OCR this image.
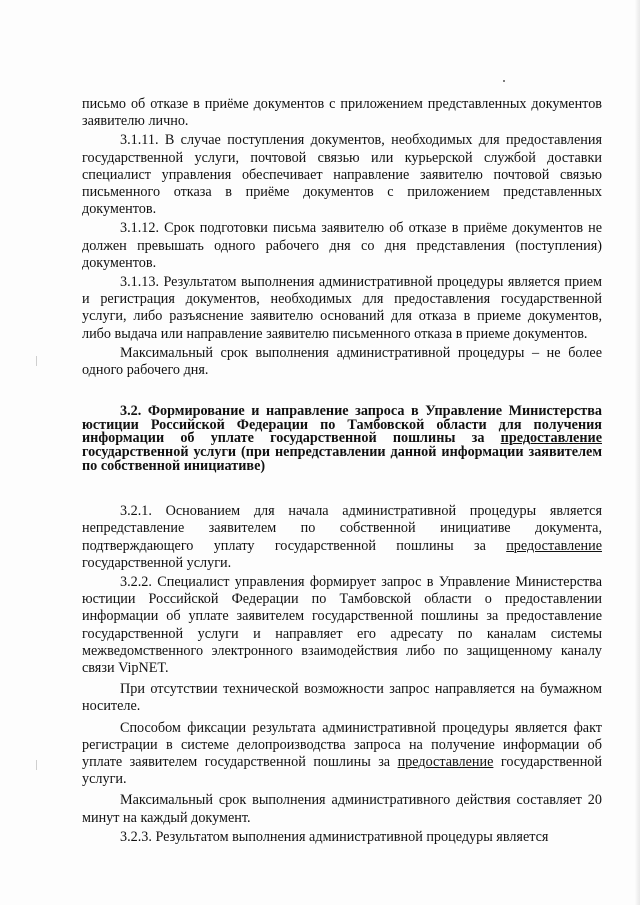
письмо об отказе в приёме документов с приложением представленных документов заявителю лично.

3.1.11. В случае поступления документов, необходимых для предоставления государственной услуги, почтовой связью или курьерской службой доставки специалист управления обеспечивает направление заявителю почтовой связью письменного отказа в приёме документов с приложением представленных документов.

3.1.12. Срок подготовки письма заявителю об отказе в приёме документов не должен превышать одного рабочего дня со дня представления (поступления) документов.

3.1.13. Результатом выполнения административной процедуры является прием и регистрация документов, необходимых для предоставления государственной услуги, либо разъяснение заявителю оснований для отказа в приеме документов, либо выдача или направление заявителю письменного отказа в приеме документов.

Максимальный срок выполнения административной процедуры – не более одного рабочего дня.

3.2. Формирование и направление запроса в Управление Министерства юстиции Российской Федерации по Тамбовской области для получения информации об уплате государственной пошлины за предоставление государственной услуги (при непредставлении данной информации заявителем по собственной инициативе)

3.2.1. Основанием для начала административной процедуры является непредставление заявителем по собственной инициативе документа, подтверждающего уплату государственной пошлины за предоставление государственной услуги.

3.2.2. Специалист управления формирует запрос в Управление Министерства юстиции Российской Федерации по Тамбовской области о предоставлении информации об уплате заявителем государственной пошлины за предоставление государственной услуги и направляет его адресату по каналам системы межведомственного электронного взаимодействия либо по защищенному каналу связи VipNET.

При отсутствии технической возможности запрос направляется на бумажном носителе.

Способом фиксации результата административной процедуры является факт регистрации в системе делопроизводства запроса на получение информации об уплате заявителем государственной пошлины за предоставление государственной услуги.

Максимальный срок выполнения административного действия составляет 20 минут на каждый документ.

3.2.3. Результатом выполнения административной процедуры является
